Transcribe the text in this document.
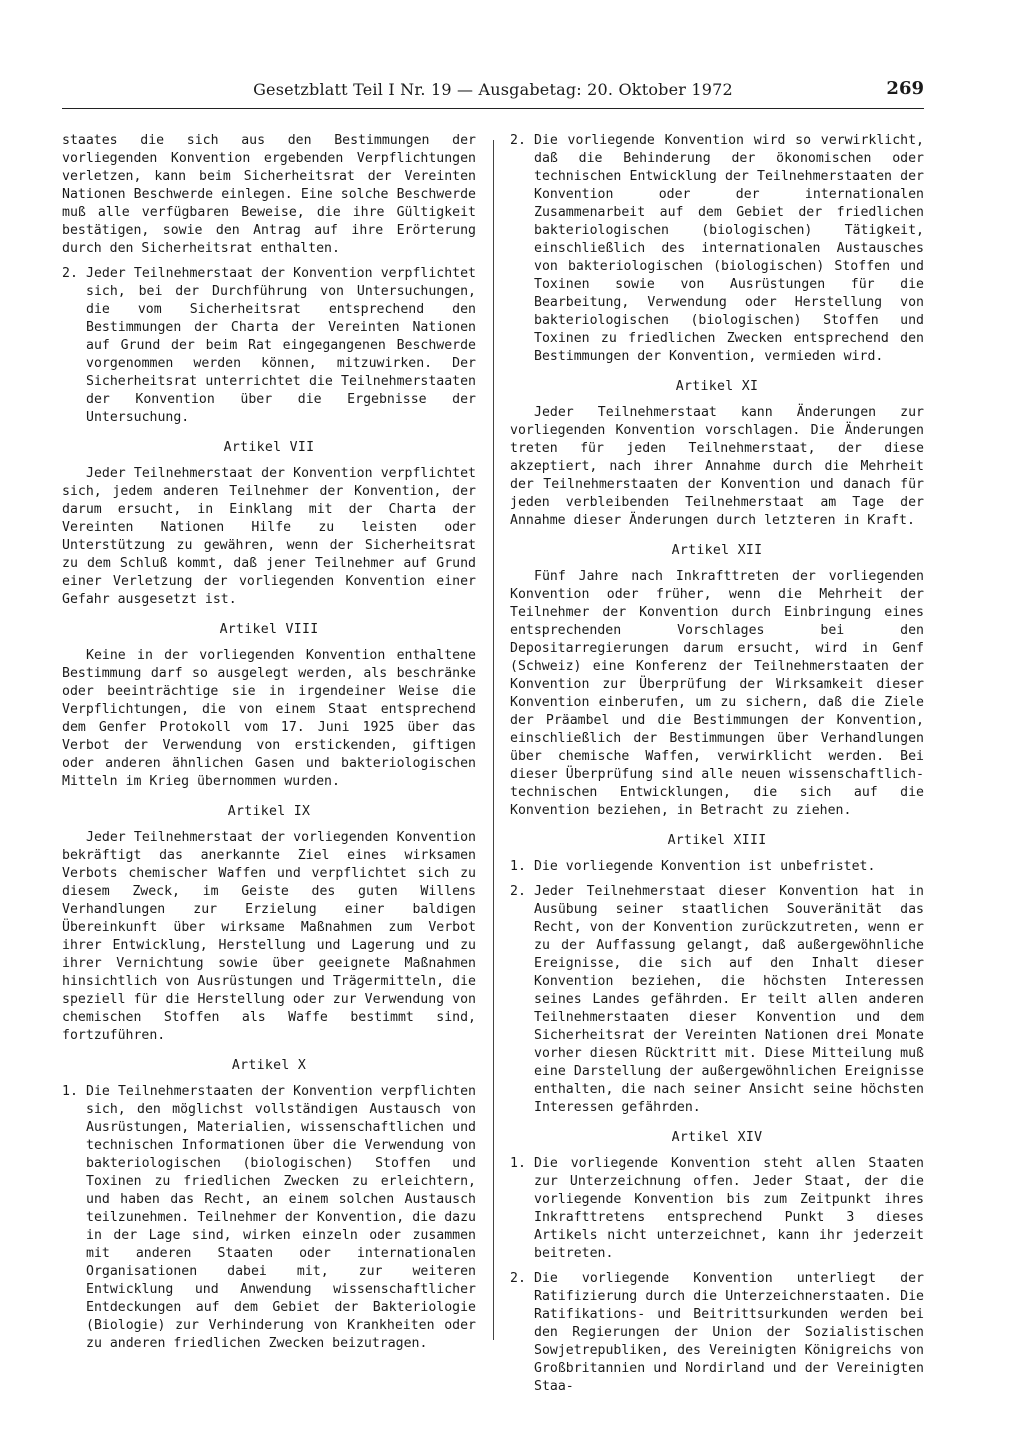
Gesetzblatt Teil I Nr. 19 — Ausgabetag: 20. Oktober 1972	269

staates die sich aus den Bestimmungen der vorliegenden Konvention ergebenden Verpflichtungen verletzen, kann beim Sicherheitsrat der Vereinten Nationen Beschwerde einlegen. Eine solche Beschwerde muß alle verfügbaren Beweise, die ihre Gültigkeit bestätigen, sowie den Antrag auf ihre Erörterung durch den Sicherheitsrat enthalten.

2. Jeder Teilnehmerstaat der Konvention verpflichtet sich, bei der Durchführung von Untersuchungen, die vom Sicherheitsrat entsprechend den Bestimmungen der Charta der Vereinten Nationen auf Grund der beim Rat eingegangenen Beschwerde vorgenommen werden können, mitzuwirken. Der Sicherheitsrat unterrichtet die Teilnehmerstaaten der Konvention über die Ergebnisse der Untersuchung.
Artikel VII

Jeder Teilnehmerstaat der Konvention verpflichtet sich, jedem anderen Teilnehmer der Konvention, der darum ersucht, in Einklang mit der Charta der Vereinten Nationen Hilfe zu leisten oder Unterstützung zu gewähren, wenn der Sicherheitsrat zu dem Schluß kommt, daß jener Teilnehmer auf Grund einer Verletzung der vorliegenden Konvention einer Gefahr ausgesetzt ist.

Artikel VIII

Keine in der vorliegenden Konvention enthaltene Bestimmung darf so ausgelegt werden, als beschränke oder beeinträchtige sie in irgendeiner Weise die Verpflichtungen, die von einem Staat entsprechend dem Genfer Protokoll vom 17. Juni 1925 über das Verbot der Verwendung von erstickenden, giftigen oder anderen ähnlichen Gasen und bakteriologischen Mitteln im Krieg übernommen wurden.

Artikel IX

Jeder Teilnehmerstaat der vorliegenden Konvention bekräftigt das anerkannte Ziel eines wirksamen Verbots chemischer Waffen und verpflichtet sich zu diesem Zweck, im Geiste des guten Willens Verhandlungen zur Erzielung einer baldigen Übereinkunft über wirksame Maßnahmen zum Verbot ihrer Entwicklung, Herstellung und Lagerung und zu ihrer Vernichtung sowie über geeignete Maßnahmen hinsichtlich von Ausrüstungen und Trägermitteln, die speziell für die Herstellung oder zur Verwendung von chemischen Stoffen als Waffe bestimmt sind, fortzuführen.

Artikel X
1. Die Teilnehmerstaaten der Konvention verpflichten sich, den möglichst vollständigen Austausch von Ausrüstungen, Materialien, wissenschaftlichen und technischen Informationen über die Verwendung von bakteriologischen (biologischen) Stoffen und Toxinen zu friedlichen Zwecken zu erleichtern, und haben das Recht, an einem solchen Austausch teilzunehmen. Teilnehmer der Konvention, die dazu in der Lage sind, wirken einzeln oder zusammen mit anderen Staaten oder internationalen Organisationen dabei mit, zur weiteren Entwicklung und Anwendung wissenschaftlicher Entdeckungen auf dem Gebiet der Bakteriologie (Biologie) zur Verhinderung von Krankheiten oder zu anderen friedlichen Zwecken beizutragen.
2. Die vorliegende Konvention wird so verwirklicht, daß die Behinderung der ökonomischen oder technischen Entwicklung der Teilnehmerstaaten der Konvention oder der internationalen Zusammenarbeit auf dem Gebiet der friedlichen bakteriologischen (biologischen) Tätigkeit, einschließlich des internationalen Austausches von bakteriologischen (biologischen) Stoffen und Toxinen sowie von Ausrüstungen für die Bearbeitung, Verwendung oder Herstellung von bakteriologischen (biologischen) Stoffen und Toxinen zu friedlichen Zwecken entsprechend den Bestimmungen der Konvention, vermieden wird.
Artikel XI

Jeder Teilnehmerstaat kann Änderungen zur vorliegenden Konvention vorschlagen. Die Änderungen treten für jeden Teilnehmerstaat, der diese akzeptiert, nach ihrer Annahme durch die Mehrheit der Teilnehmerstaaten der Konvention und danach für jeden verbleibenden Teilnehmerstaat am Tage der Annahme dieser Änderungen durch letzteren in Kraft.

Artikel XII

Fünf Jahre nach Inkrafttreten der vorliegenden Konvention oder früher, wenn die Mehrheit der Teilnehmer der Konvention durch Einbringung eines entsprechenden Vorschlages bei den Depositarregierungen darum ersucht, wird in Genf (Schweiz) eine Konferenz der Teilnehmerstaaten der Konvention zur Überprüfung der Wirksamkeit dieser Konvention einberufen, um zu sichern, daß die Ziele der Präambel und die Bestimmungen der Konvention, einschließlich der Bestimmungen über Verhandlungen über chemische Waffen, verwirklicht werden. Bei dieser Überprüfung sind alle neuen wissenschaftlich-technischen Entwicklungen, die sich auf die Konvention beziehen, in Betracht zu ziehen.

Artikel XIII
1. Die vorliegende Konvention ist unbefristet.
2. Jeder Teilnehmerstaat dieser Konvention hat in Ausübung seiner staatlichen Souveränität das Recht, von der Konvention zurückzutreten, wenn er zu der Auffassung gelangt, daß außergewöhnliche Ereignisse, die sich auf den Inhalt dieser Konvention beziehen, die höchsten Interessen seines Landes gefährden. Er teilt allen anderen Teilnehmerstaaten dieser Konvention und dem Sicherheitsrat der Vereinten Nationen drei Monate vorher diesen Rücktritt mit. Diese Mitteilung muß eine Darstellung der außergewöhnlichen Ereignisse enthalten, die nach seiner Ansicht seine höchsten Interessen gefährden.
Artikel XIV
1. Die vorliegende Konvention steht allen Staaten zur Unterzeichnung offen. Jeder Staat, der die vorliegende Konvention bis zum Zeitpunkt ihres Inkrafttretens entsprechend Punkt 3 dieses Artikels nicht unterzeichnet, kann ihr jederzeit beitreten.
2. Die vorliegende Konvention unterliegt der Ratifizierung durch die Unterzeichnerstaaten. Die Ratifikations- und Beitrittsurkunden werden bei den Regierungen der Union der Sozialistischen Sowjetrepubliken, des Vereinigten Königreichs von Großbritannien und Nordirland und der Vereinigten Staa-
